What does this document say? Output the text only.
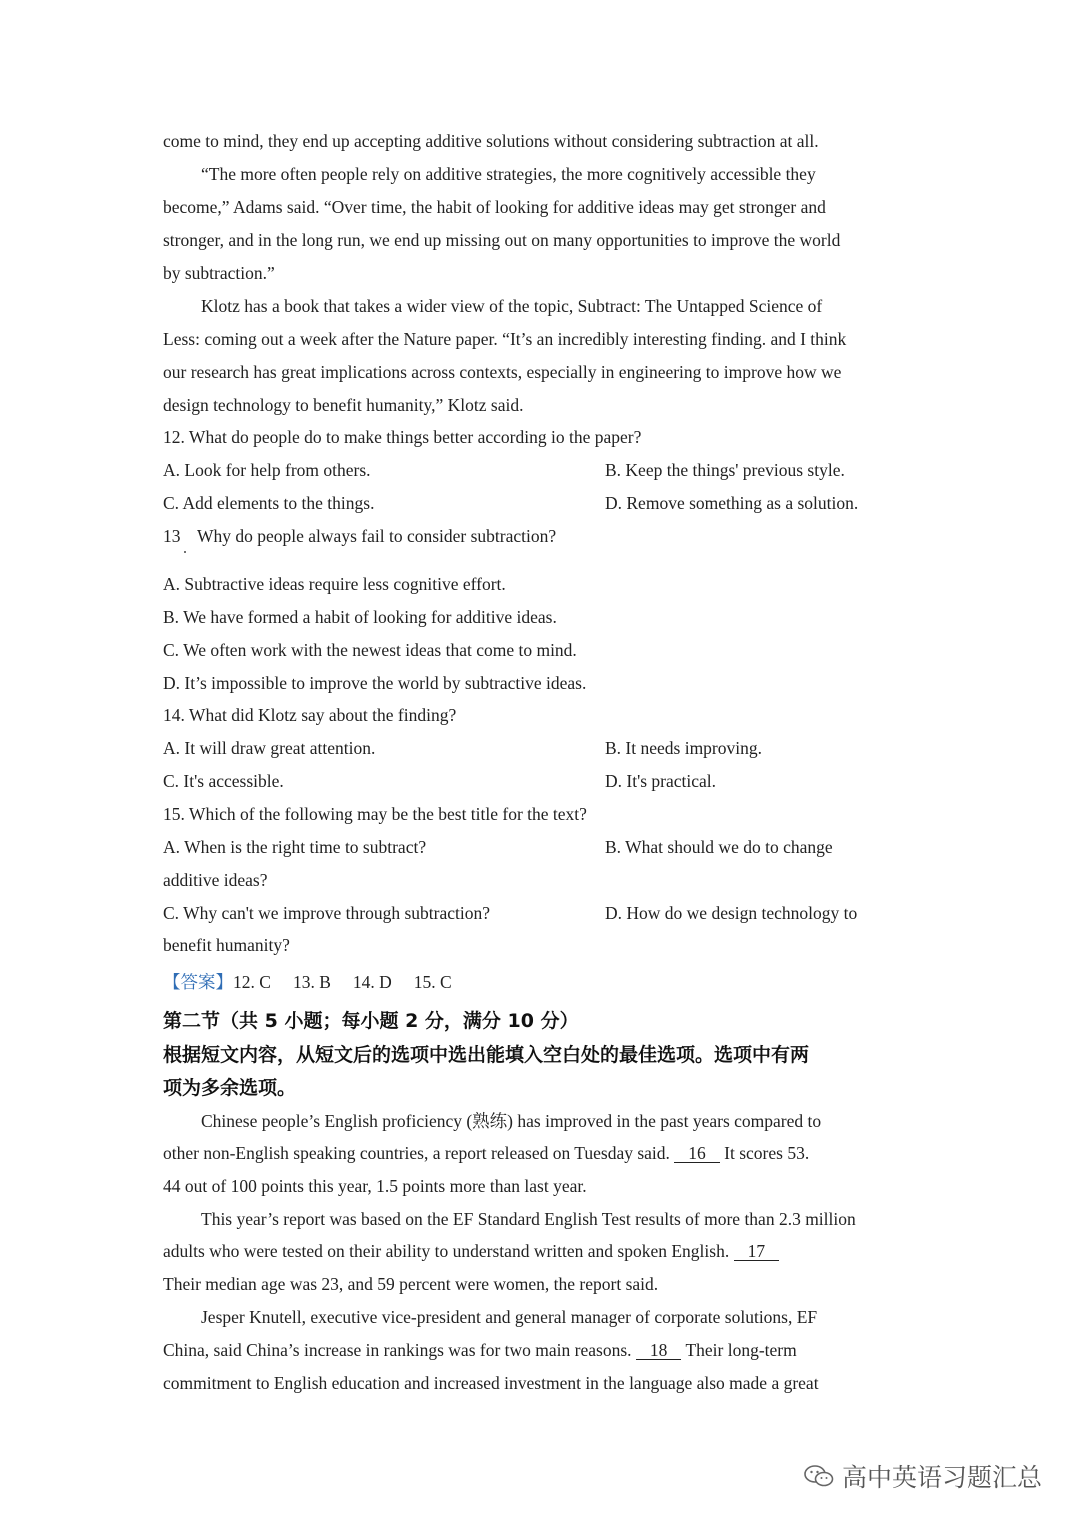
come to mind, they end up accepting additive solutions without considering subtraction at all.
“The more often people rely on additive strategies, the more cognitively accessible they
become,” Adams said. “Over time, the habit of looking for additive ideas may get stronger and
stronger, and in the long run, we end up missing out on many opportunities to improve the world
by subtraction.”
Klotz has a book that takes a wider view of the topic, Subtract: The Untapped Science of
Less: coming out a week after the Nature paper. “It’s an incredibly interesting finding. and I think
our research has great implications across contexts, especially in engineering to improve how we
design technology to benefit humanity,” Klotz said.
12. What do people do to make things better according io the paper?
A. Look for help from others.	B. Keep the things' previous style.
C. Add elements to the things.	D. Remove something as a solution.
13 Why do people always fail to consider subtraction?
A. Subtractive ideas require less cognitive effort.
B. We have formed a habit of looking for additive ideas.
C. We often work with the newest ideas that come to mind.
D. It’s impossible to improve the world by subtractive ideas.
14. What did Klotz say about the finding?
A. It will draw great attention.	B. It needs improving.
C. It's accessible.	D. It's practical.
15. Which of the following may be the best title for the text?
A. When is the right time to subtract?	B. What should we do to change
additive ideas?
C. Why can't we improve through subtraction?	D. How do we design technology to
benefit humanity?
【答案】12. C 13. B 14. D 15. C
第二节（共 5 小题；每小题 2 分，满分 10 分）
根据短文内容，从短文后的选项中选出能填入空白处的最佳选项。选项中有两
项为多余选项。
Chinese people’s English proficiency (熟练) has improved in the past years compared to
other non-English speaking countries, a report released on Tuesday said. 16 It scores 53.
44 out of 100 points this year, 1.5 points more than last year.
This year’s report was based on the EF Standard English Test results of more than 2.3 million
adults who were tested on their ability to understand written and spoken English. 17
Their median age was 23, and 59 percent were women, the report said.
Jesper Knutell, executive vice-president and general manager of corporate solutions, EF
China, said China’s increase in rankings was for two main reasons. 18 Their long-term
commitment to English education and increased investment in the language also made a great
高中英语习题汇总
